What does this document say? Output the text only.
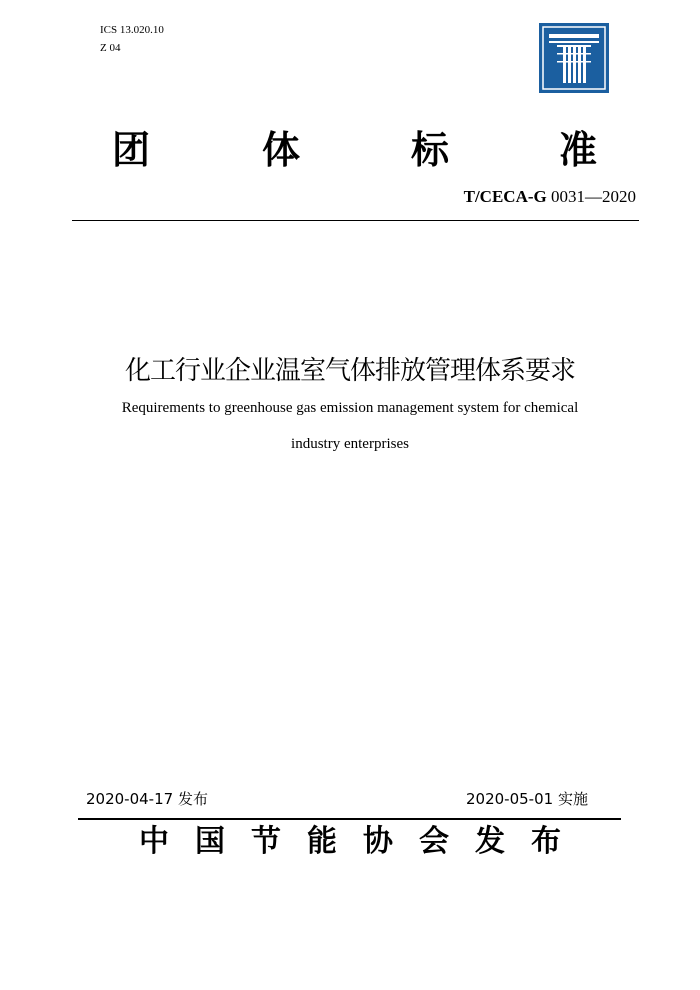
ICS 13.020.10
Z 04
团	体	标	准
T/CECA-G 0031—2020
化工行业企业温室气体排放管理体系要求
Requirements to greenhouse gas emission management system for chemical
industry enterprises
2020-04-17 发布	2020-05-01 实施
中国节能协会发布
